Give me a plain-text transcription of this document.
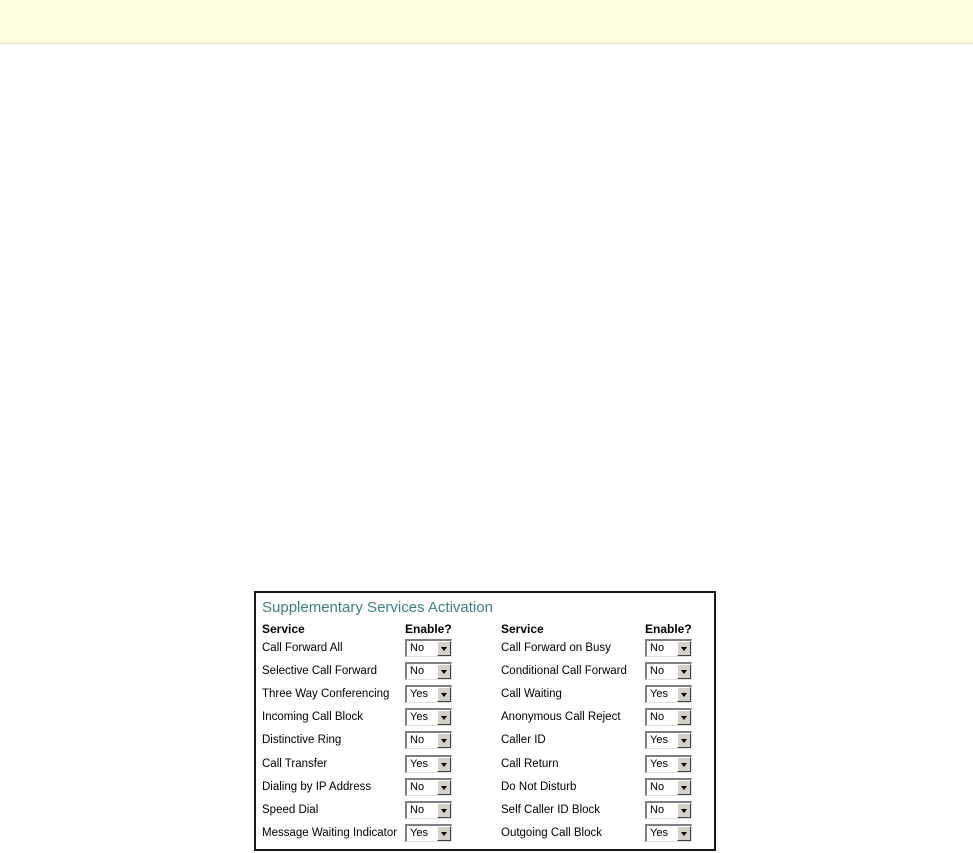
Supplementary Services Activation
Service	Enable?	Service	Enable?
Call Forward All	No	Call Forward on Busy	No
Selective Call Forward	No	Conditional Call Forward No
Three Way Conferencing Yes	Call Waiting	Yes
Incoming Call Block	Yes	Anonymous Call Reject	No
Distinctive Ring	No	Caller ID	Yes
Call Transfer	Yes	Call Return	Yes
Dialing by IP Address	No	Do Not Disturb	No
Speed Dial	No	Self Caller ID Block	No
Message Waiting Indicator Yes	Outgoing Call Block	Yes
